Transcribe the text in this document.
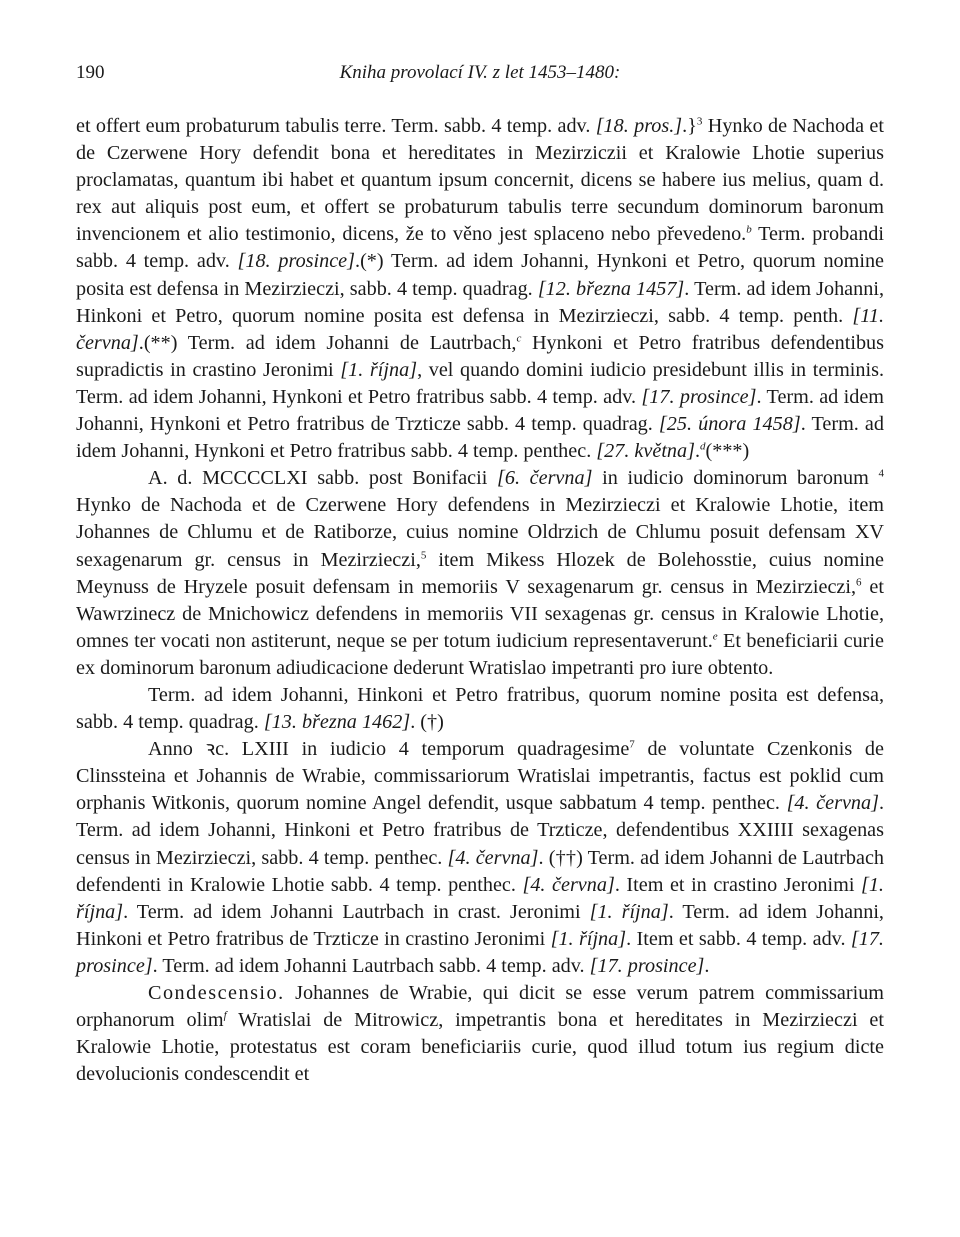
190	Kniha provolací IV. z let 1453–1480:

et offert eum probaturum tabulis terre. Term. sabb. 4 temp. adv. [18. pros.].}$^3$ Hynko de Nachoda et de Czerwene Hory defendit bona et hereditates in Mezirziczii et Kralowie Lhotie superius proclamatas, quantum ibi habet et quantum ipsum concernit, dicens se habere ius melius, quam d. rex aut aliquis post eum, et offert se probaturum tabulis terre secundum dominorum baronum invencionem et alio testimonio, dicens, že to věno jest splaceno nebo převedeno.$^b$ Term. probandi sabb. 4 temp. adv. [18. prosince].(*) Term. ad idem Johanni, Hynkoni et Petro, quorum nomine posita est defensa in Mezirzieczi, sabb. 4 temp. quadrag. [12. března 1457]. Term. ad idem Johanni, Hinkoni et Petro, quorum nomine posita est defensa in Mezirzieczi, sabb. 4 temp. penth. [11. června].(**) Term. ad idem Johanni de Lautrbach,$^c$ Hynkoni et Petro fratribus defendentibus supradictis in crastino Jeronimi [1. října], vel quando domini iudicio presidebunt illis in terminis. Term. ad idem Johanni, Hynkoni et Petro fratribus sabb. 4 temp. adv. [17. prosince]. Term. ad idem Johanni, Hynkoni et Petro fratribus de Trzticze sabb. 4 temp. quadrag. [25. února 1458]. Term. ad idem Johanni, Hynkoni et Petro fratribus sabb. 4 temp. penthec. [27. května].$^d$(***)

A. d. MCCCCLXI sabb. post Bonifacii [6. června] in iudicio dominorum baronum $^4$ Hynko de Nachoda et de Czerwene Hory defendens in Mezirzieczi et Kralowie Lhotie, item Johannes de Chlumu et de Ratiborze, cuius nomine Oldrzich de Chlumu posuit defensam XV sexagenarum gr. census in Mezirzieczi,$^5$ item Mikess Hlozek de Bolehosstie, cuius nomine Meynuss de Hryzele posuit defensam in memoriis V sexagenarum gr. census in Mezirzieczi,$^6$ et Wawrzinecz de Mnichowicz defendens in memoriis VII sexagenas gr. census in Kralowie Lhotie, omnes ter vocati non astiterunt, neque se per totum iudicium representaverunt.$^e$ Et beneficiarii curie ex dominorum baronum adiudicacione dederunt Wratislao impetranti pro iure obtento.

Term. ad idem Johanni, Hinkoni et Petro fratribus, quorum nomine posita est defensa, sabb. 4 temp. quadrag. [13. března 1462]. (†)

Anno ꝛc. LXIII in iudicio 4 temporum quadragesime$^7$ de voluntate Czenkonis de Clinssteina et Johannis de Wrabie, commissariorum Wratislai impetrantis, factus est poklid cum orphanis Witkonis, quorum nomine Angel defendit, usque sabbatum 4 temp. penthec. [4. června]. Term. ad idem Johanni, Hinkoni et Petro fratribus de Trzticze, defendentibus XXIIII sexagenas census in Mezirzieczi, sabb. 4 temp. penthec. [4. června]. (††) Term. ad idem Johanni de Lautrbach defendenti in Kralowie Lhotie sabb. 4 temp. penthec. [4. června]. Item et in crastino Jeronimi [1. října]. Term. ad idem Johanni Lautrbach in crast. Jeronimi [1. října]. Term. ad idem Johanni, Hinkoni et Petro fratribus de Trzticze in crastino Jeronimi [1. října]. Item et sabb. 4 temp. adv. [17. prosince]. Term. ad idem Johanni Lautrbach sabb. 4 temp. adv. [17. prosince].

Condescensio. Johannes de Wrabie, qui dicit se esse verum patrem commissarium orphanorum olim$^f$ Wratislai de Mitrowicz, impetrantis bona et hereditates in Mezirzieczi et Kralowie Lhotie, protestatus est coram beneficiariis curie, quod illud totum ius regium dicte devolucionis condescendit et
